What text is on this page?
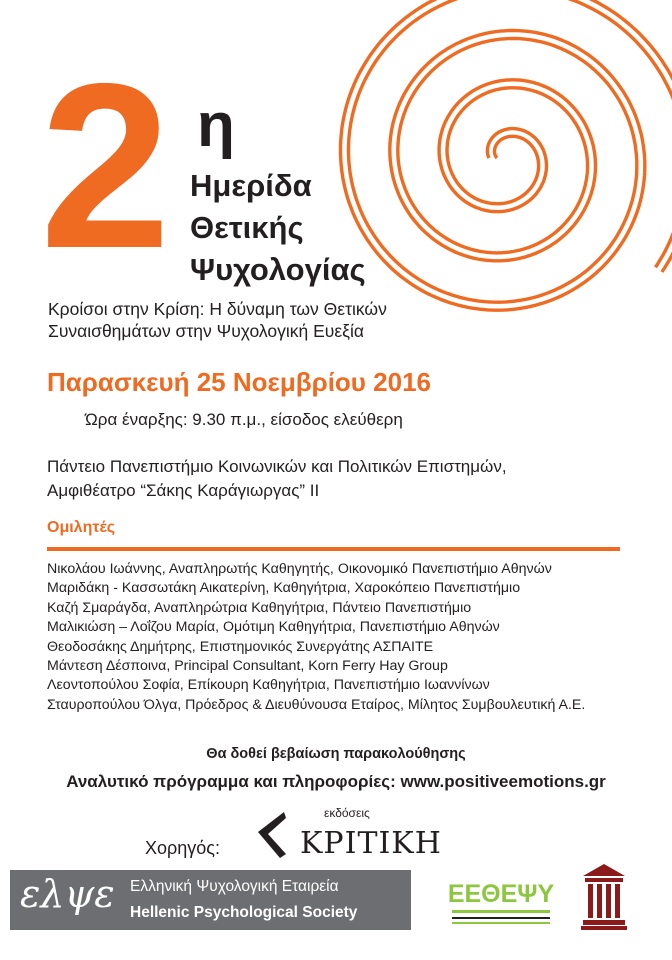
2 η
Ημερίδα
Θετικής
Ψυχολογίας
Κροίσοι στην Κρίση: Η δύναμη των Θετικών
Συναισθημάτων στην Ψυχολογική Ευεξία
Παρασκευή 25 Νοεμβρίου 2016
Ώρα έναρξης: 9.30 π.μ., είσοδος ελεύθερη
Πάντειο Πανεπιστήμιο Κοινωνικών και Πολιτικών Επιστημών,
Αμφιθέατρο “Σάκης Καράγιωργας” ΙΙ
Ομιλητές
Νικολάου Ιωάννης, Αναπληρωτής Καθηγητής, Οικονομικό Πανεπιστήμιο Αθηνών
Μαριδάκη - Κασσωτάκη Αικατερίνη, Καθηγήτρια, Χαροκόπειο Πανεπιστήμιο
Καζή Σμαράγδα, Αναπληρώτρια Καθηγήτρια, Πάντειο Πανεπιστήμιο
Μαλικιώση – Λοΐζου Μαρία, Ομότιμη Καθηγήτρια, Πανεπιστήμιο Αθηνών
Θεοδοσάκης Δημήτρης, Επιστημονικός Συνεργάτης ΑΣΠΑΙΤΕ
Μάντεση Δέσποινα, Principal Consultant, Korn Ferry Hay Group
Λεοντοπούλου Σοφία, Επίκουρη Καθηγήτρια, Πανεπιστήμιο Ιωαννίνων
Σταυροπούλου Όλγα, Πρόεδρος & Διευθύνουσα Εταίρος, Μίλητος Συμβουλευτική Α.Ε.
Θα δοθεί βεβαίωση παρακολούθησης
Αναλυτικό πρόγραμμα και πληροφορίες: www.positiveemotions.gr
Χορηγός:
εκδόσεις
ΚΡΙΤΙΚΗ
ελψε Ελληνική Ψυχολογική Εταιρεία
Hellenic Psychological Society
ΕΕΘΕΨΥ
